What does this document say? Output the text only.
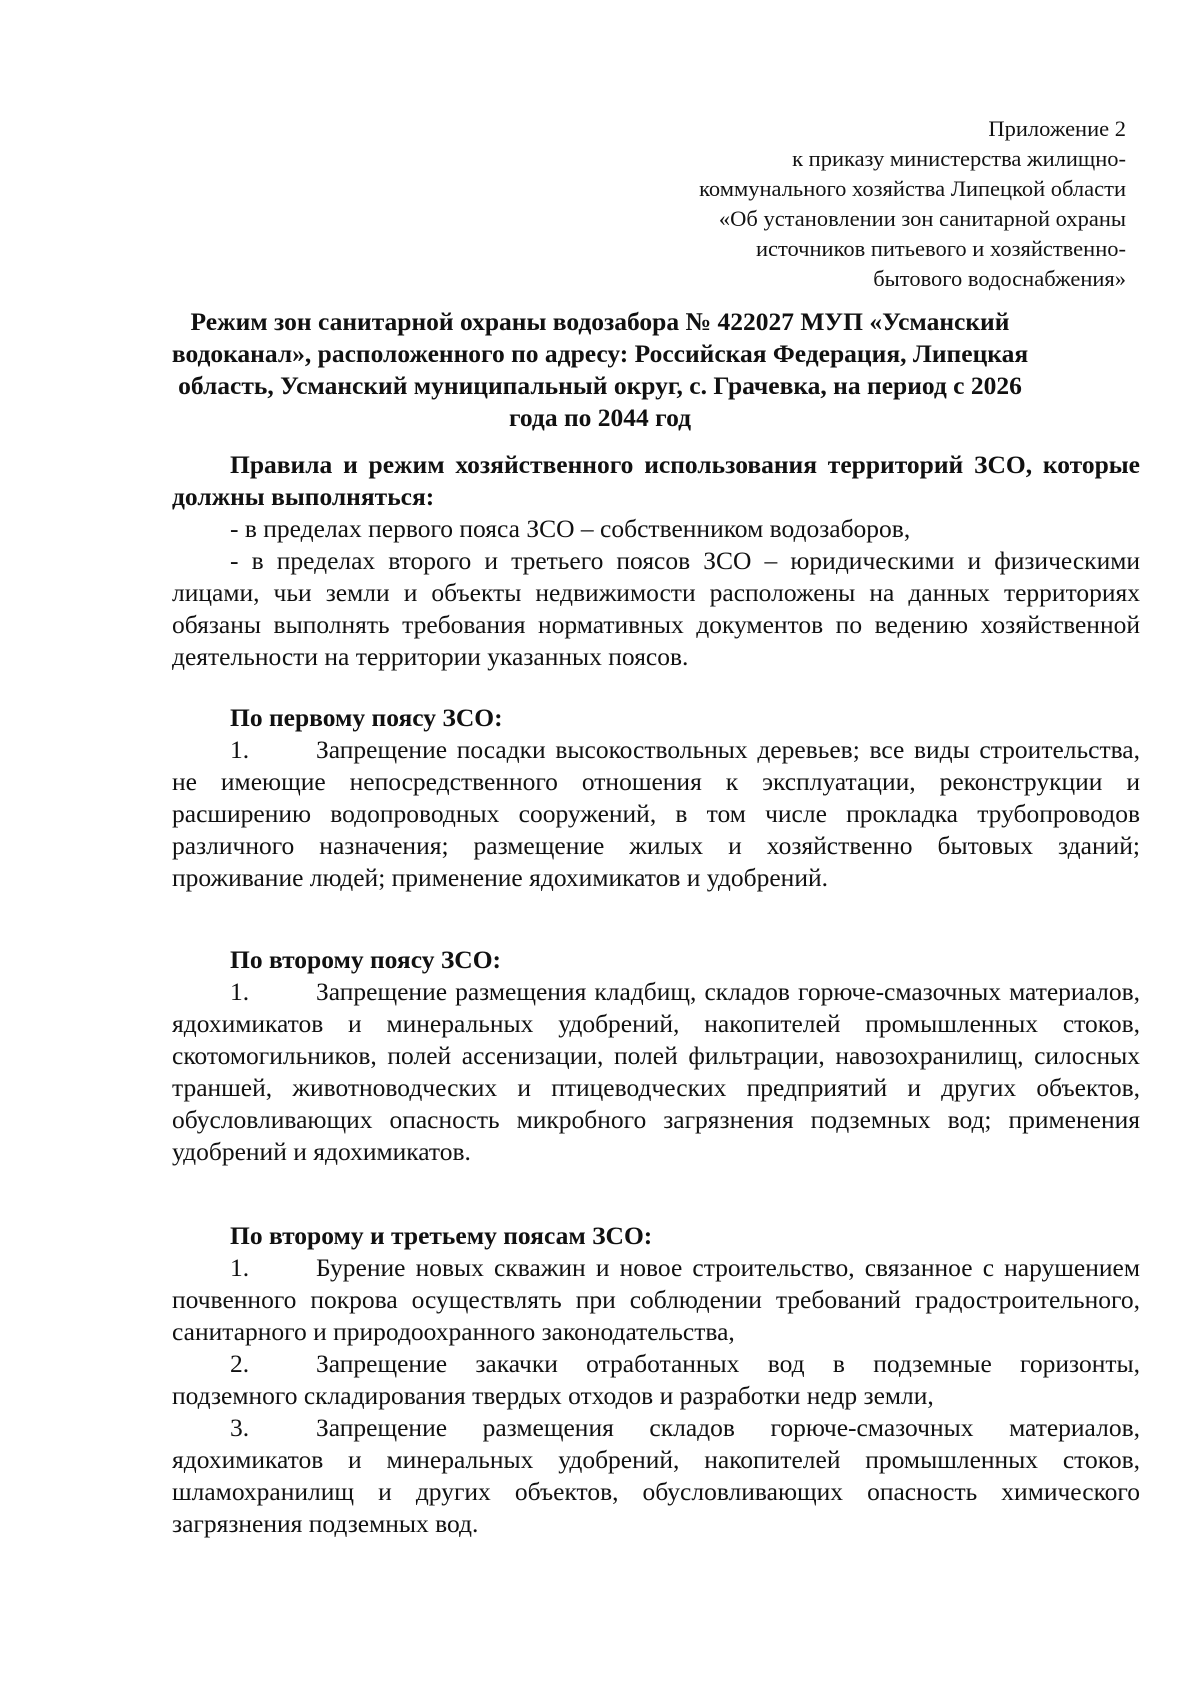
Приложение 2
к приказу министерства жилищно-
коммунального хозяйства Липецкой области
«Об установлении зон санитарной охраны
источников питьевого и хозяйственно-
бытового водоснабжения»
Режим зон санитарной охраны водозабора № 422027 МУП «Усманский
водоканал», расположенного по адресу: Российская Федерация, Липецкая
область, Усманский муниципальный округ, с. Грачевка, на период с 2026
года по 2044 год

Правила и режим хозяйственного использования территорий ЗСО, которые должны выполняться:

- в пределах первого пояса ЗСО – собственником водозаборов,
- в пределах второго и третьего поясов ЗСО – юридическими и физическими лицами, чьи земли и объекты недвижимости расположены на данных территориях обязаны выполнять требования нормативных документов по ведению хозяйственной деятельности на территории указанных поясов.

По первому поясу ЗСО:

1.	Запрещение посадки высокоствольных деревьев; все виды строительства, не имеющие непосредственного отношения к эксплуатации, реконструкции и расширению водопроводных сооружений, в том числе прокладка трубопроводов различного назначения; размещение жилых и хозяйственно бытовых зданий; проживание людей; применение ядохимикатов и удобрений.

По второму поясу ЗСО:

1.	Запрещение размещения кладбищ, складов горюче-смазочных материалов, ядохимикатов и минеральных удобрений, накопителей промышленных стоков, скотомогильников, полей ассенизации, полей фильтрации, навозохранилищ, силосных траншей, животноводческих и птицеводческих предприятий и других объектов, обусловливающих опасность микробного загрязнения подземных вод; применения удобрений и ядохимикатов.

По второму и третьему поясам ЗСО:

1.	Бурение новых скважин и новое строительство, связанное с нарушением почвенного покрова осуществлять при соблюдении требований градостроительного, санитарного и природоохранного законодательства,
2.	Запрещение закачки отработанных вод в подземные горизонты, подземного складирования твердых отходов и разработки недр земли,
3.	Запрещение размещения складов горюче-смазочных материалов, ядохимикатов и минеральных удобрений, накопителей промышленных стоков, шламохранилищ и других объектов, обусловливающих опасность химического загрязнения подземных вод.
